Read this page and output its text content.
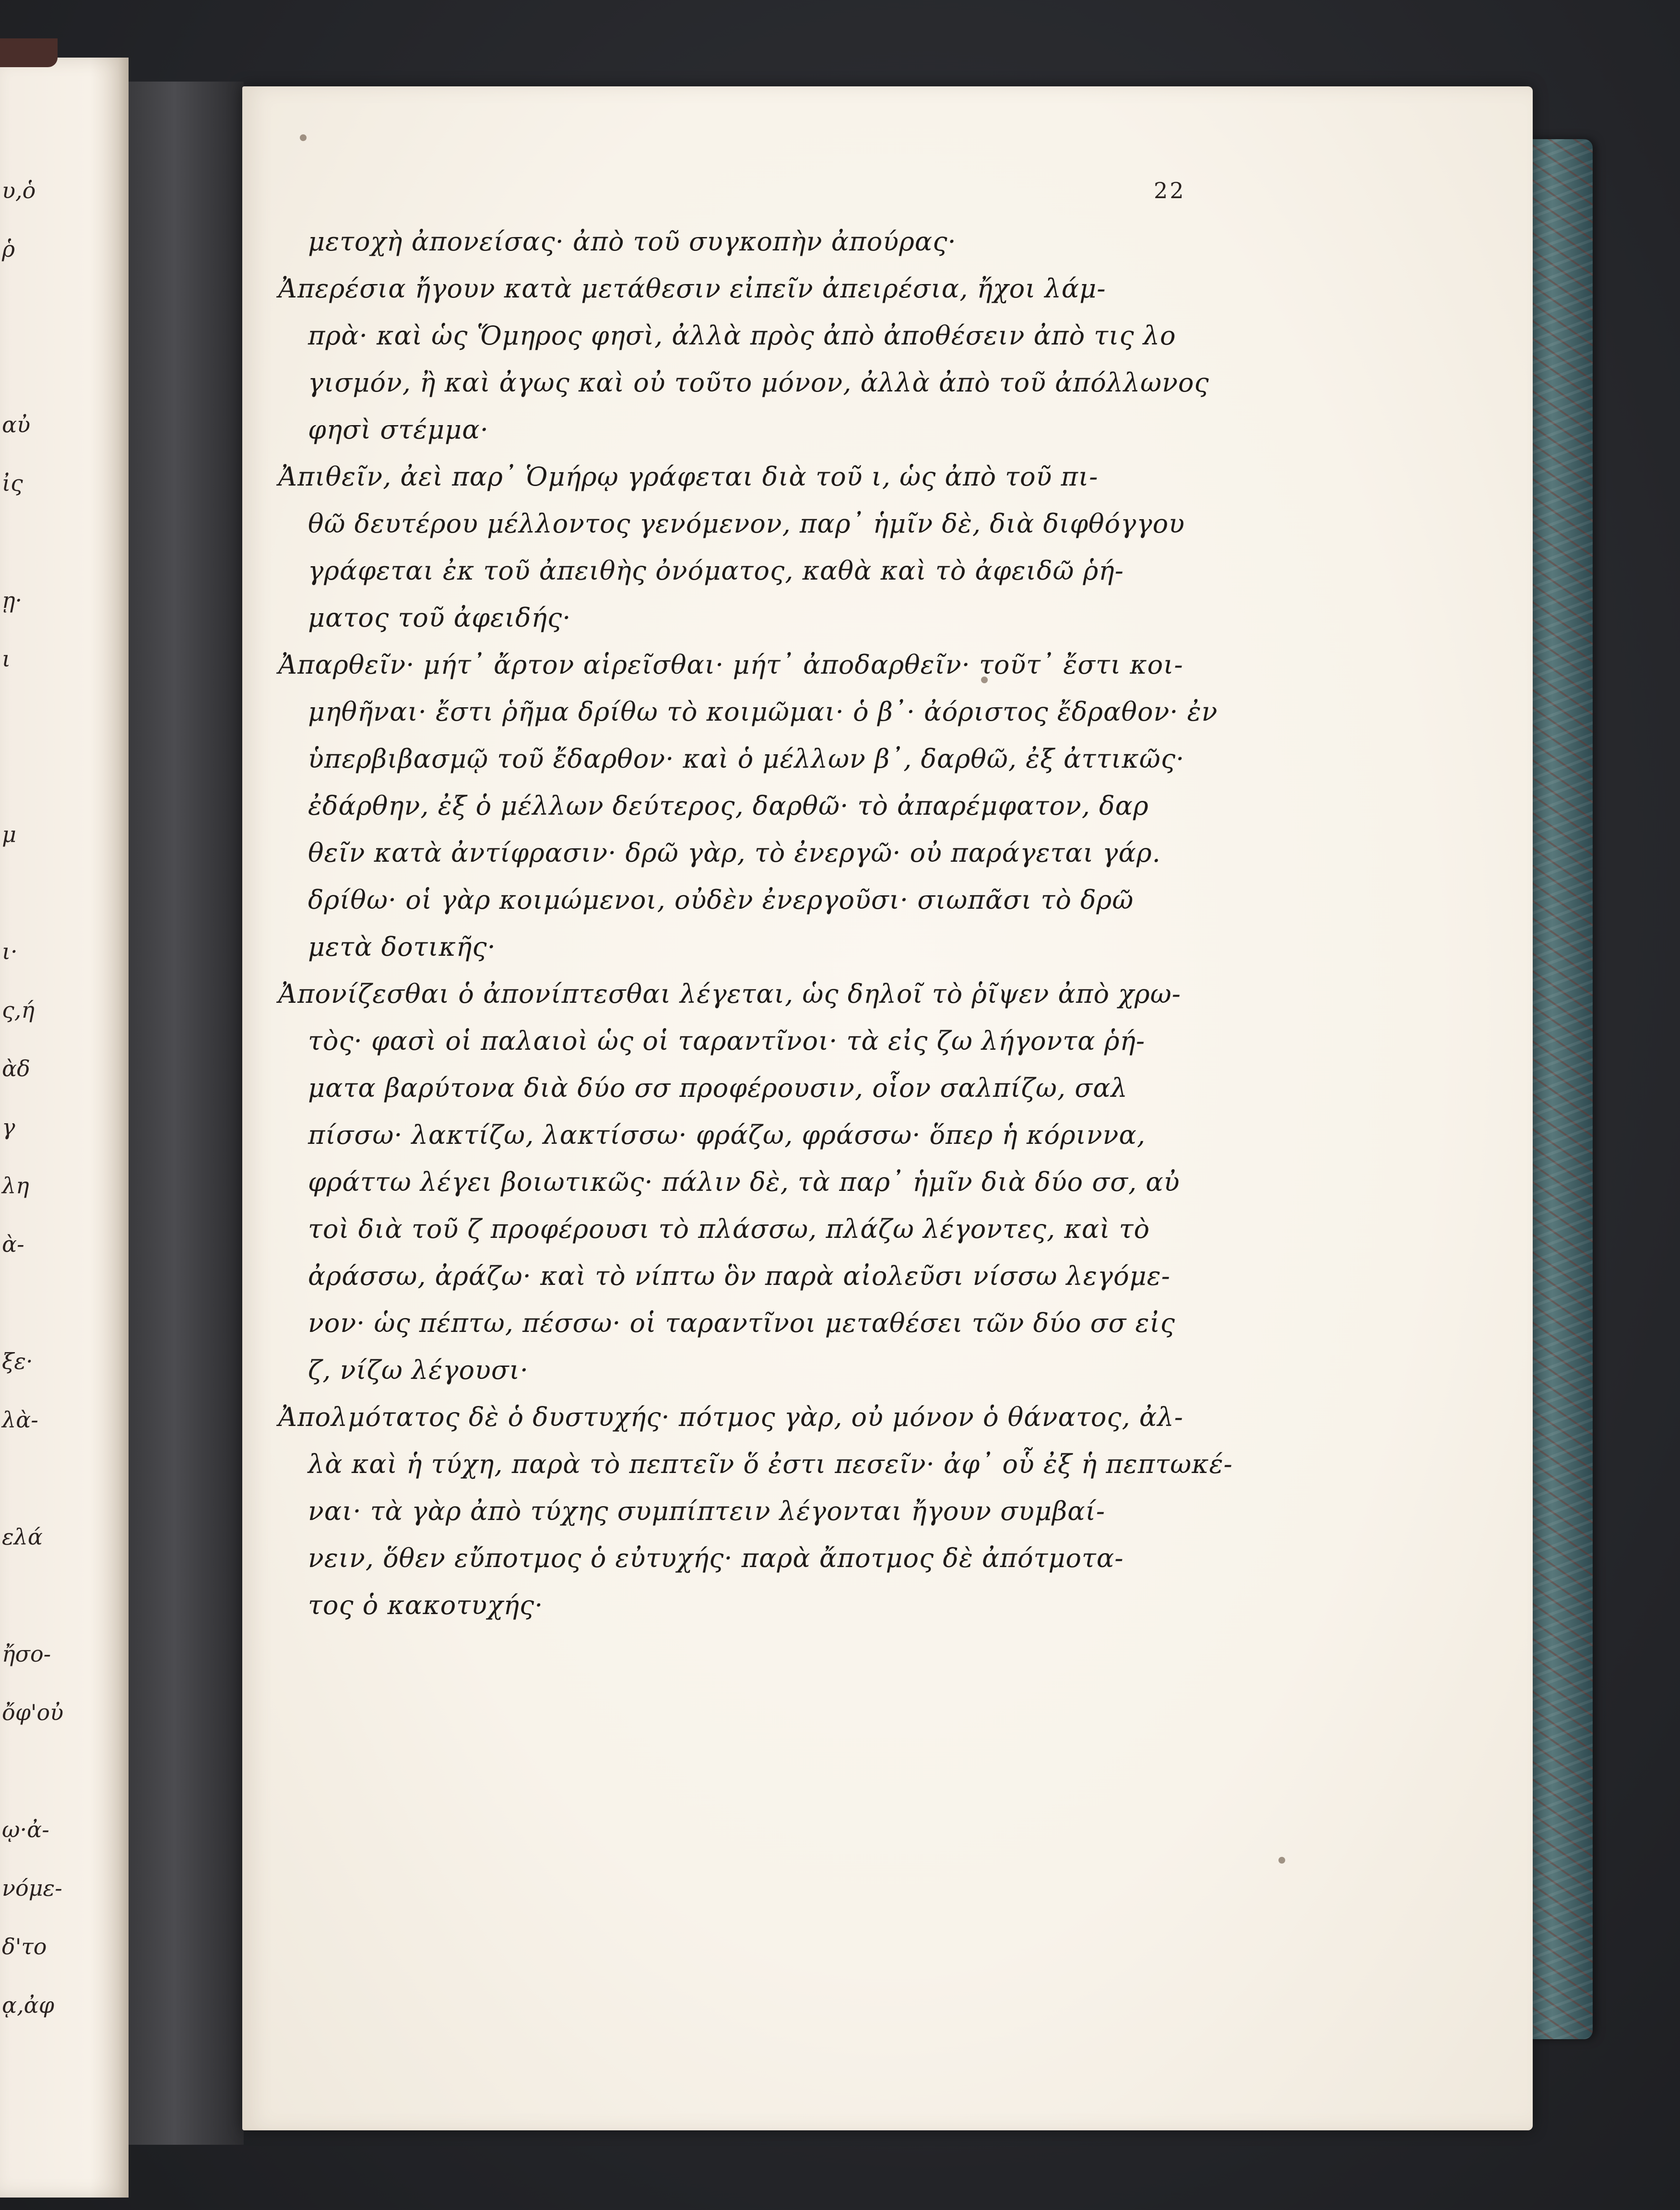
υ,ὁ
ῥ
αὐ
ἰς
ῃ·
ι
μ
ι·
ς,ή
ὰδ
γ
λη
ὰ-
ξε·
λὰ-
ελά
ἤσο-
ὄφ'οὐ
ῳ·ἀ-
νόμε-
δ'το
ᾳ,ἀφ
22
μετοχὴ ἀπονείσας· ἀπὸ τοῦ συγκοπὴν ἀπούρας·
Ἀπερέσια ἤγουν κατὰ μετάθεσιν εἰπεῖν ἀπειρέσια, ἤχοι λάμ-
πρὰ· καὶ ὡς Ὅμηρος φησὶ, ἀλλὰ πρὸς ἀπὸ ἀποθέσειν ἀπὸ τις λο
γισμόν, ἢ καὶ ἀγως καὶ οὐ τοῦτο μόνον, ἀλλὰ ἀπὸ τοῦ ἀπόλλωνος
φησὶ στέμμα·
Ἀπιθεῖν, ἀεὶ παρ᾽ Ὁμήρῳ γράφεται διὰ τοῦ ι, ὡς ἀπὸ τοῦ πι-
θῶ δευτέρου μέλλοντος γενόμενον, παρ᾽ ἡμῖν δὲ, διὰ διφθόγγου
γράφεται ἐκ τοῦ ἀπειθὴς ὀνόματος, καθὰ καὶ τὸ ἀφειδῶ ῥή-
ματος τοῦ ἀφειδής·
Ἀπαρθεῖν· μήτ᾽ ἄρτον αἱρεῖσθαι· μήτ᾽ ἀποδαρθεῖν· τοῦτ᾽ ἔστι κοι-
μηθῆναι· ἔστι ῥῆμα δρίθω τὸ κοιμῶμαι· ὁ β᾽· ἀόριστος ἔδραθον· ἐν
ὑπερβιβασμῷ τοῦ ἔδαρθον· καὶ ὁ μέλλων β᾽, δαρθῶ, ἐξ ἀττικῶς·
ἐδάρθην, ἐξ ὁ μέλλων δεύτερος, δαρθῶ· τὸ ἀπαρέμφατον, δαρ
θεῖν κατὰ ἀντίφρασιν· δρῶ γὰρ, τὸ ἐνεργῶ· οὐ παράγεται γάρ.
δρίθω· οἱ γὰρ κοιμώμενοι, οὐδὲν ἐνεργοῦσι· σιωπᾶσι τὸ δρῶ
μετὰ δοτικῆς·
Ἀπονίζεσθαι ὁ ἀπονίπτεσθαι λέγεται, ὡς δηλοῖ τὸ ῥῖψεν ἀπὸ χρω-
τὸς· φασὶ οἱ παλαιοὶ ὡς οἱ ταραντῖνοι· τὰ εἰς ζω λήγοντα ῥή-
ματα βαρύτονα διὰ δύο σσ προφέρουσιν, οἷον σαλπίζω, σαλ
πίσσω· λακτίζω, λακτίσσω· φράζω, φράσσω· ὅπερ ἡ κόριννα,
φράττω λέγει βοιωτικῶς· πάλιν δὲ, τὰ παρ᾽ ἡμῖν διὰ δύο σσ, αὐ
τοὶ διὰ τοῦ ζ προφέρουσι τὸ πλάσσω, πλάζω λέγοντες, καὶ τὸ
ἀράσσω, ἀράζω· καὶ τὸ νίπτω ὃν παρὰ αἰολεῦσι νίσσω λεγόμε-
νον· ὡς πέπτω, πέσσω· οἱ ταραντῖνοι μεταθέσει τῶν δύο σσ εἰς
ζ, νίζω λέγουσι·
Ἀπολμότατος δὲ ὁ δυστυχής· πότμος γὰρ, οὐ μόνον ὁ θάνατος, ἀλ-
λὰ καὶ ἡ τύχη, παρὰ τὸ πεπτεῖν ὅ ἐστι πεσεῖν· ἀφ᾽ οὗ ἐξ ἡ πεπτωκέ-
ναι· τὰ γὰρ ἀπὸ τύχης συμπίπτειν λέγονται ἤγουν συμβαί-
νειν, ὅθεν εὔποτμος ὁ εὐτυχής· παρὰ ἄποτμος δὲ ἀπότμοτα-
τος ὁ κακοτυχής·
